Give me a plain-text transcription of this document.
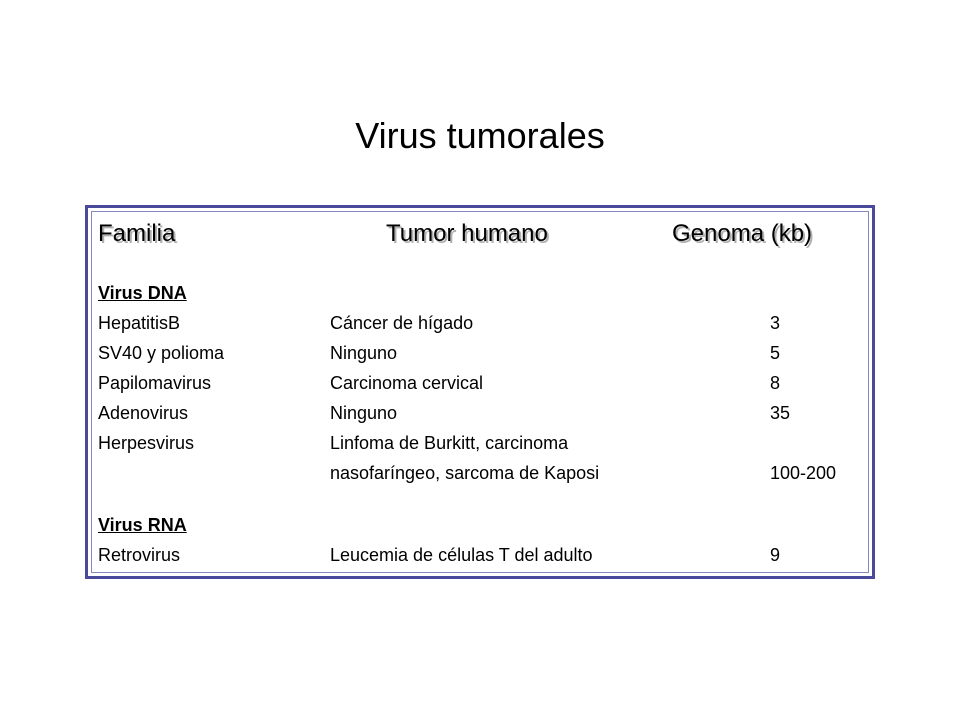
Virus tumorales
Familia	Tumor humano	Genoma (kb)
Virus DNA
HepatitisB	Cáncer de hígado	3
SV40 y polioma	Ninguno	5
Papilomavirus	Carcinoma cervical	8
Adenovirus	Ninguno	35
Herpesvirus	Linfoma de Burkitt, carcinoma
nasofaríngeo, sarcoma de Kaposi	100-200
Virus RNA
Retrovirus	Leucemia de células T del adulto	9
